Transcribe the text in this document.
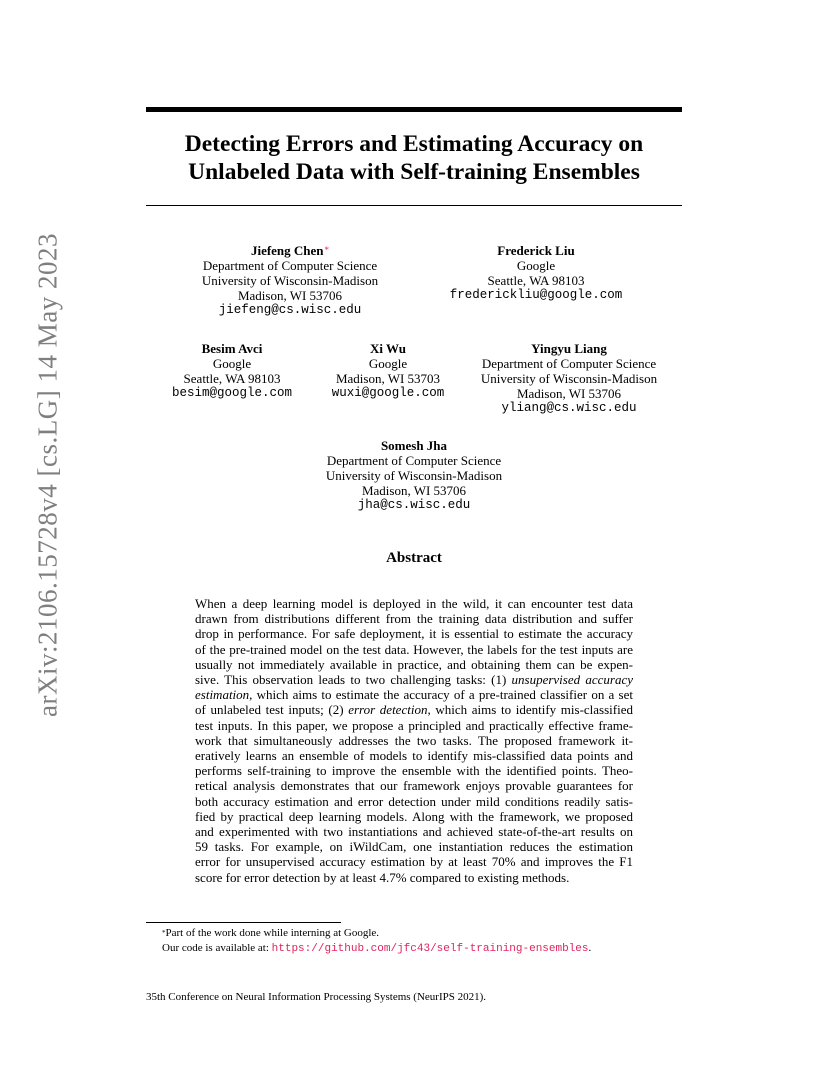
arXiv:2106.15728v4 [cs.LG] 14 May 2023
Detecting Errors and Estimating Accuracy on
Unlabeled Data with Self-training Ensembles
Jiefeng Chen*
Department of Computer Science
University of Wisconsin-Madison
Madison, WI 53706
jiefeng@cs.wisc.edu
Frederick Liu
Google
Seattle, WA 98103
frederickliu@google.com
Besim Avci
Google
Seattle, WA 98103
besim@google.com
Xi Wu
Google
Madison, WI 53703
wuxi@google.com
Yingyu Liang
Department of Computer Science
University of Wisconsin-Madison
Madison, WI 53706
yliang@cs.wisc.edu
Somesh Jha
Department of Computer Science
University of Wisconsin-Madison
Madison, WI 53706
jha@cs.wisc.edu
Abstract
When a deep learning model is deployed in the wild, it can encounter test data
drawn from distributions different from the training data distribution and suffer
drop in performance. For safe deployment, it is essential to estimate the accuracy
of the pre-trained model on the test data. However, the labels for the test inputs are
usually not immediately available in practice, and obtaining them can be expen-
sive. This observation leads to two challenging tasks: (1) unsupervised accuracy
estimation, which aims to estimate the accuracy of a pre-trained classifier on a set
of unlabeled test inputs; (2) error detection, which aims to identify mis-classified
test inputs. In this paper, we propose a principled and practically effective frame-
work that simultaneously addresses the two tasks. The proposed framework it-
eratively learns an ensemble of models to identify mis-classified data points and
performs self-training to improve the ensemble with the identified points. Theo-
retical analysis demonstrates that our framework enjoys provable guarantees for
both accuracy estimation and error detection under mild conditions readily satis-
fied by practical deep learning models. Along with the framework, we proposed
and experimented with two instantiations and achieved state-of-the-art results on
59 tasks. For example, on iWildCam, one instantiation reduces the estimation
error for unsupervised accuracy estimation by at least 70% and improves the F1
score for error detection by at least 4.7% compared to existing methods.
*Part of the work done while interning at Google.
Our code is available at: https://github.com/jfc43/self-training-ensembles.
35th Conference on Neural Information Processing Systems (NeurIPS 2021).
